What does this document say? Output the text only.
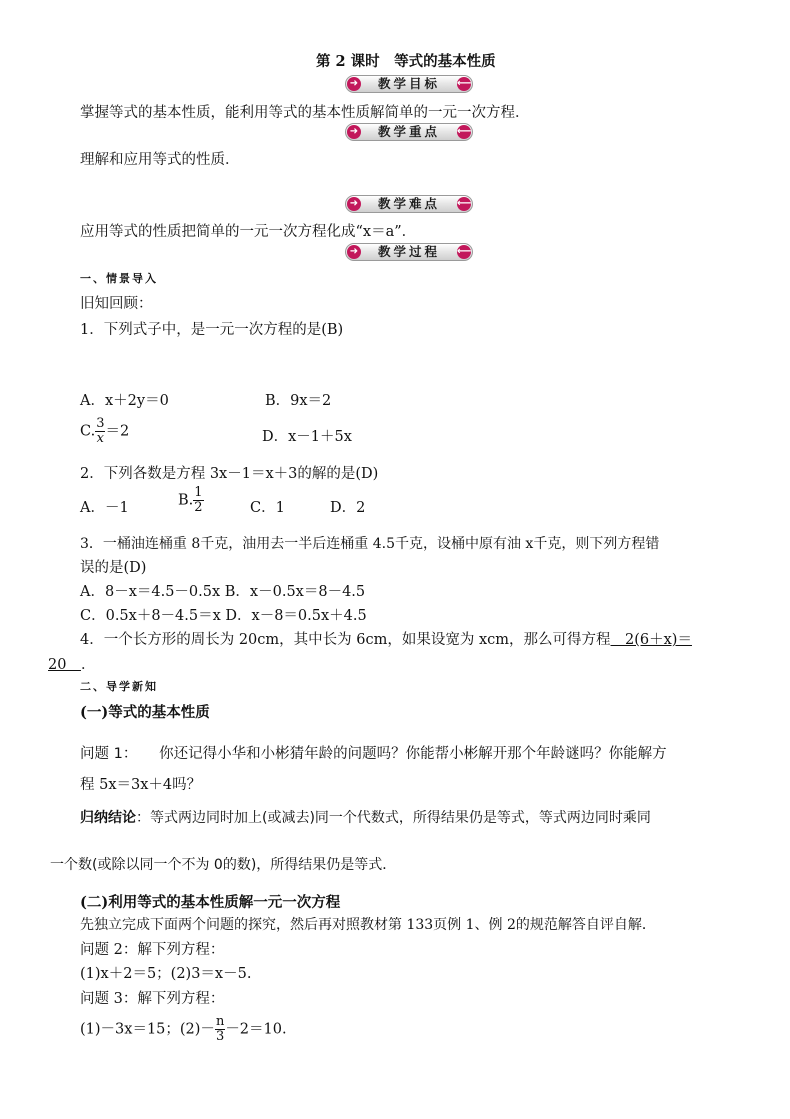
第 2 课时　等式的基本性质
➜	教学目标	⟵
掌握等式的基本性质，能利用等式的基本性质解简单的一元一次方程．
➜	教学重点	⟵
理解和应用等式的性质．
➜	教学难点	⟵
应用等式的性质把简单的一元一次方程化成“x＝a”．
➜	教学过程	⟵
一、情景导入
旧知回顾：
1．下列式子中，是一元一次方程的是(B)
A．x＋2y＝0	B．9x＝2
C. $\frac{3}{x} =2$	D．x－1＋5x
2．下列各数是方程 3x－1＝x＋3的解的是(D)
A．－1	B. $\frac{1}{2}$	C．1	D．2
3．一桶油连桶重 8千克，油用去一半后连桶重 4.5千克，设桶中原有油 x千克，则下列方程错
误的是(D)
A．8－x＝4.5－0.5x B．x－0.5x＝8－4.5
C．0.5x＋8－4.5＝x D．x－8＝0.5x＋4.5
4．一个长方形的周长为 20cm，其中长为 6cm，如果设宽为 xcm，那么可得方程　2(6＋x)＝
20　．
二、导学新知
(一)等式的基本性质
问题 1：　　你还记得小华和小彬猜年龄的问题吗？你能帮小彬解开那个年龄谜吗？你能解方
程 5x＝3x＋4吗？
归纳结论：等式两边同时加上(或减去)同一个代数式，所得结果仍是等式，等式两边同时乘同
一个数(或除以同一个不为 0的数)，所得结果仍是等式．
(二)利用等式的基本性质解一元一次方程
先独立完成下面两个问题的探究，然后再对照教材第 133页例 1、例 2的规范解答自评自解．
问题 2：解下列方程：
(1)x＋2＝5；(2)3＝x－5.
问题 3：解下列方程：
(1)－3x＝15；$(2)- \frac{n}{3} -2=10$.
